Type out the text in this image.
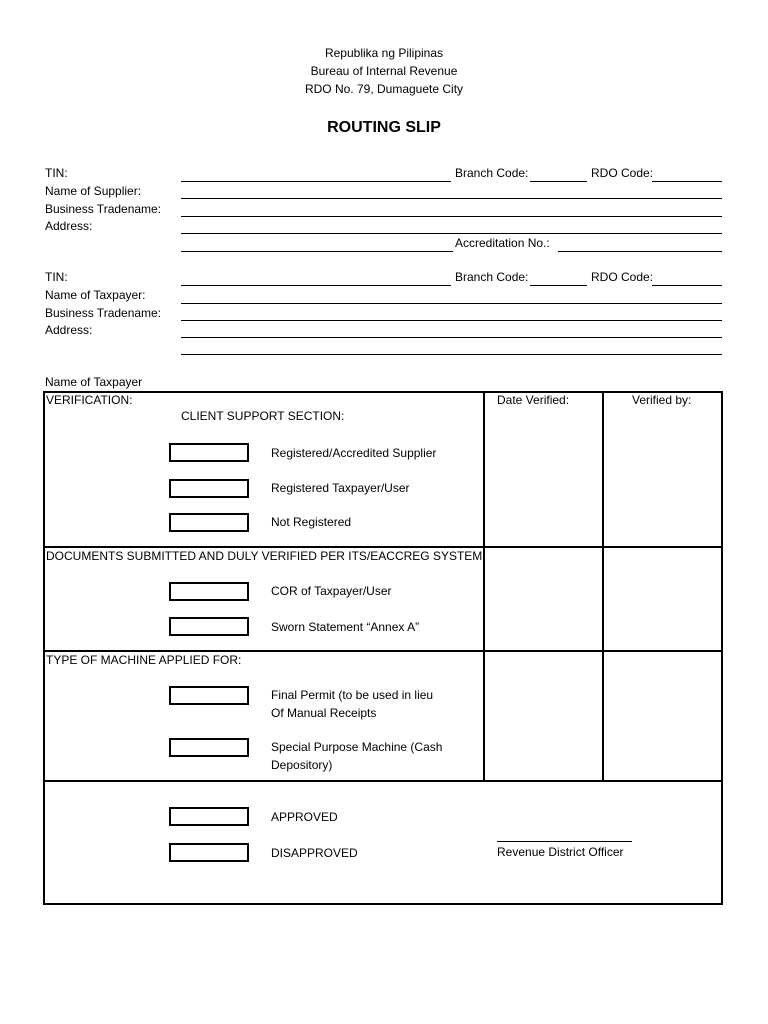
Republika ng Pilipinas
Bureau of Internal Revenue
RDO No. 79, Dumaguete City
ROUTING SLIP
TIN:
Name of Supplier:
Business Tradename:
Address:
Branch Code:	RDO Code:
Accreditation No.:
TIN:
Name of Taxpayer:
Business Tradename:
Address:
Branch Code:	RDO Code:
Name of Taxpayer
VERIFICATION:	Date Verified:	Verified by:
CLIENT SUPPORT SECTION:
Registered/Accredited Supplier
Registered Taxpayer/User
Not Registered
DOCUMENTS SUBMITTED AND DULY VERIFIED PER ITS/EACCREG SYSTEM
COR of Taxpayer/User
Sworn Statement “Annex A”
TYPE OF MACHINE APPLIED FOR:
Final Permit (to be used in lieu
Of Manual Receipts
Special Purpose Machine (Cash
Depository)
APPROVED
DISAPPROVED	Revenue District Officer
